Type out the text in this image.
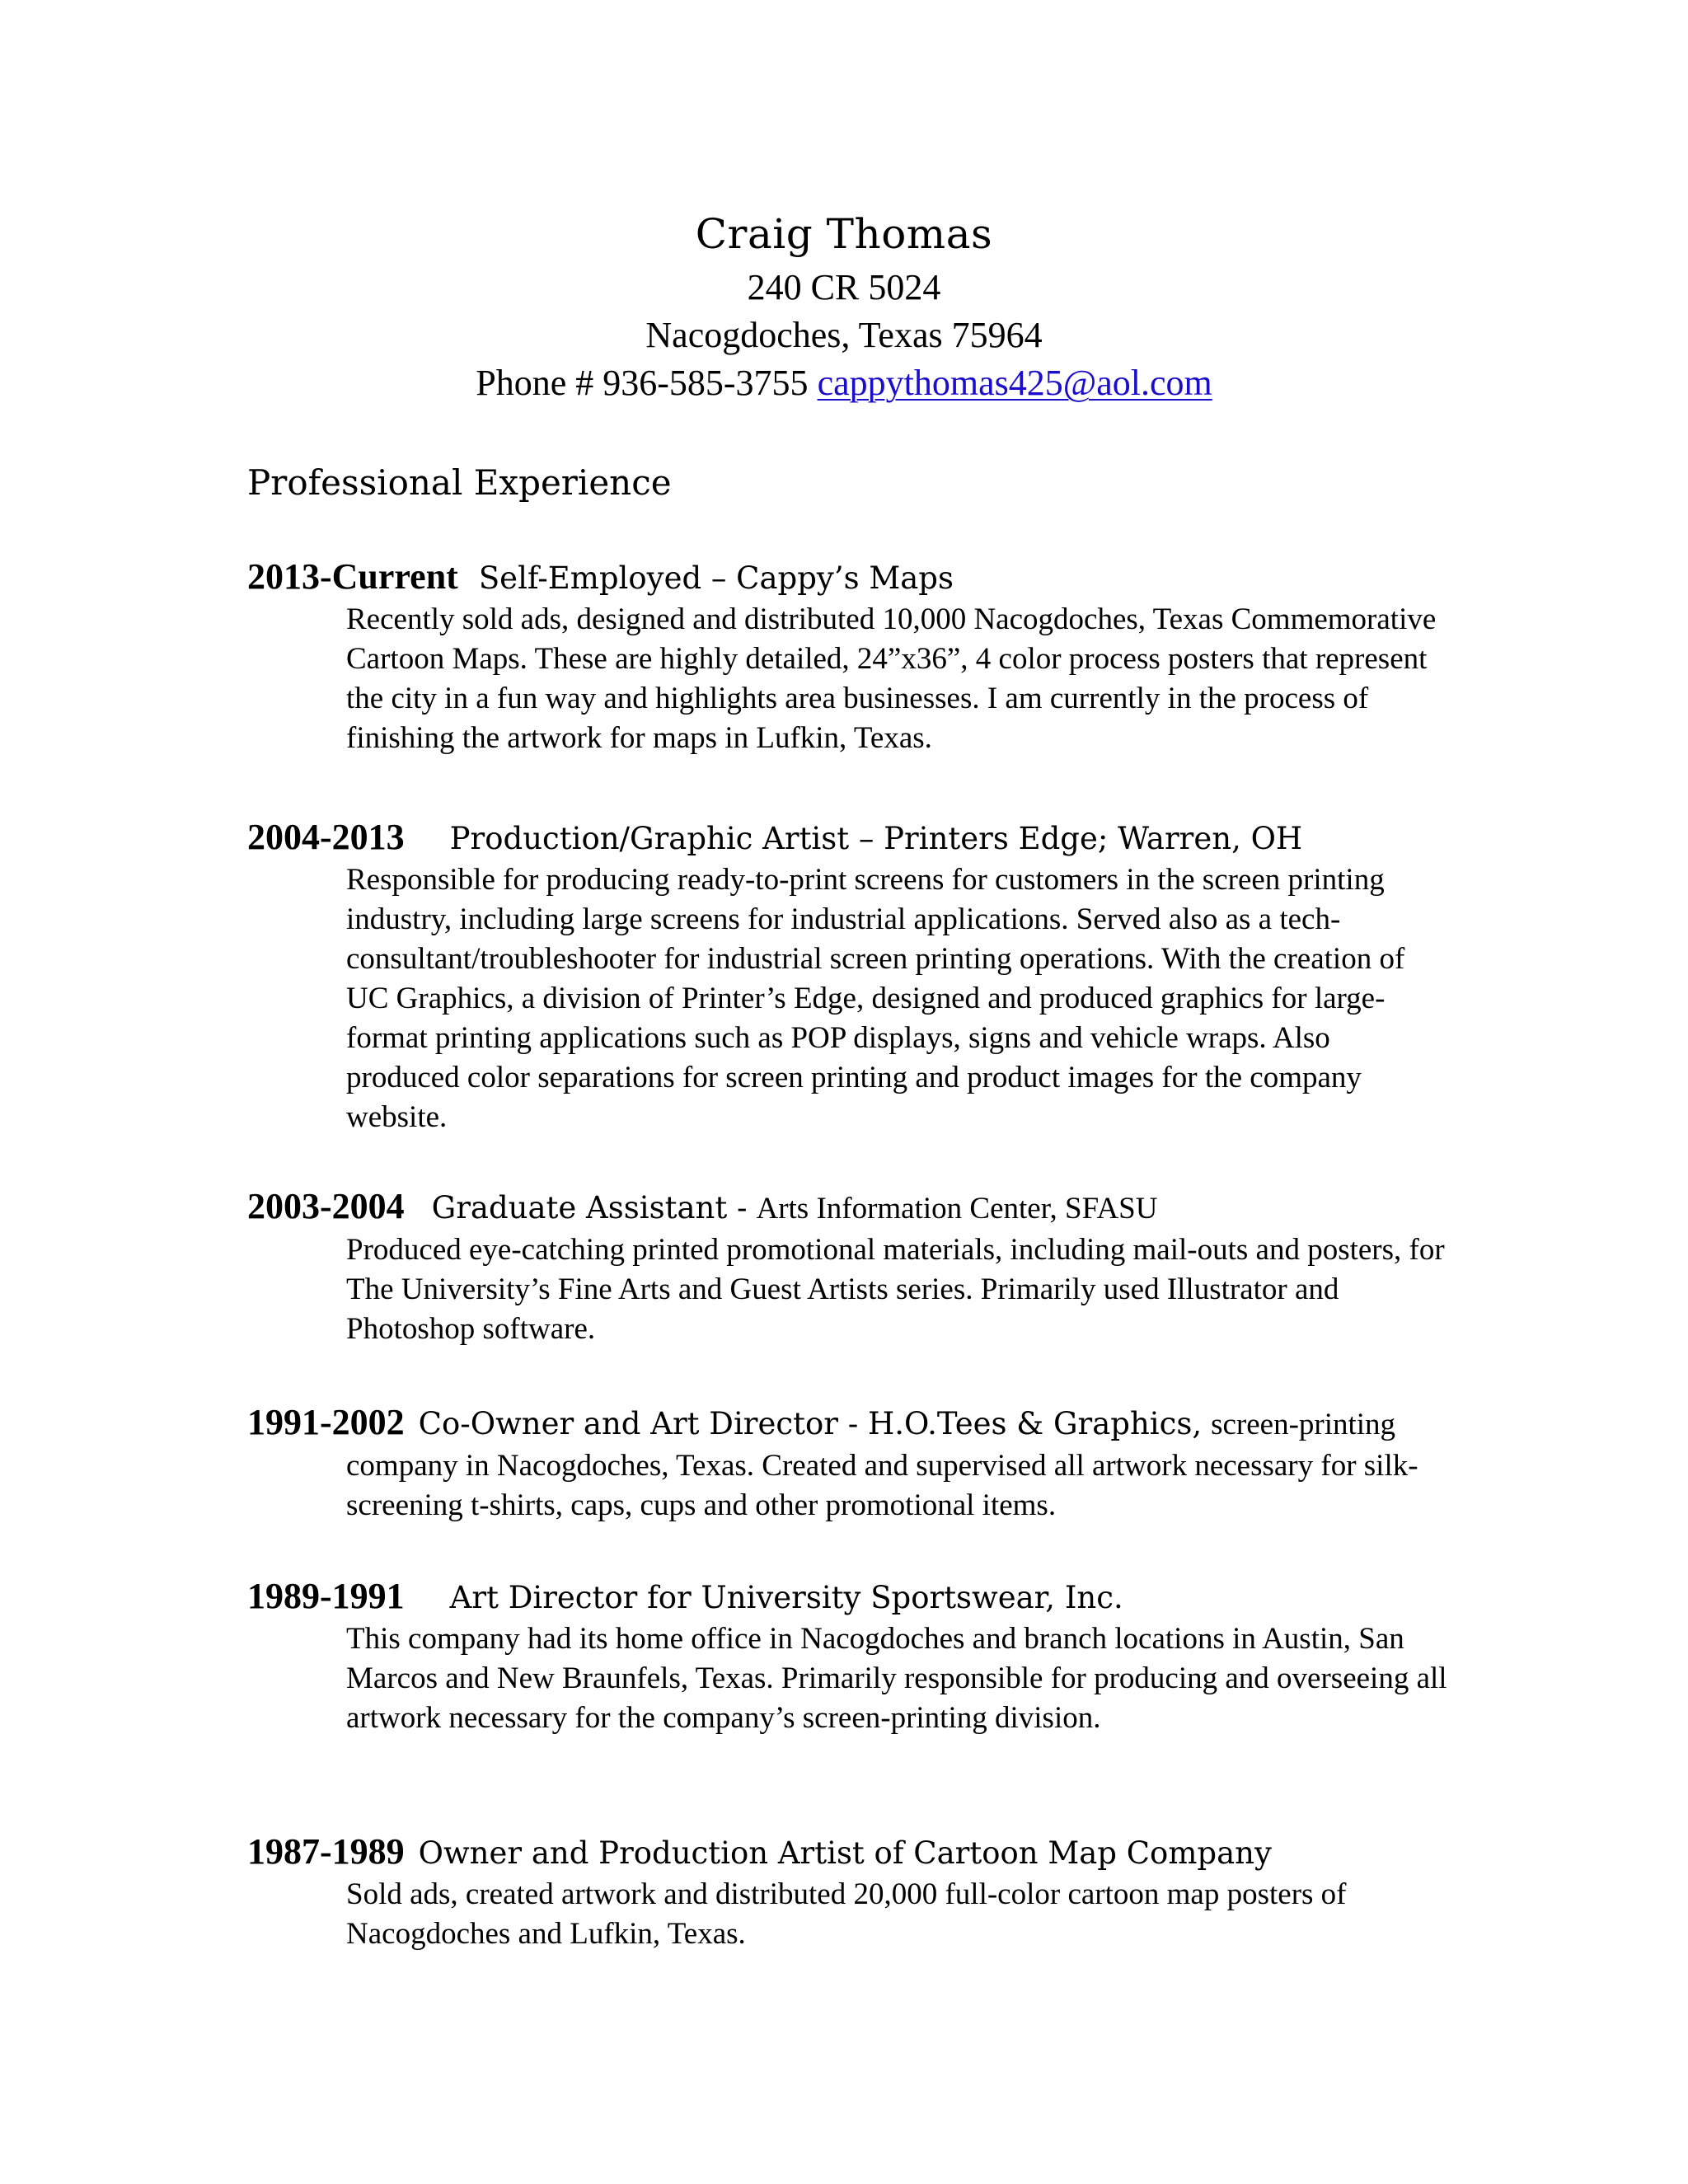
Craig Thomas
240 CR 5024
Nacogdoches, Texas 75964
Phone # 936-585-3755 cappythomas425@aol.com
Professional Experience
2013-Current Self-Employed – Cappy’s Maps
Recently sold ads, designed and distributed 10,000 Nacogdoches, Texas Commemorative Cartoon Maps. These are highly detailed, 24”x36”, 4 color process posters that represent the city in a fun way and highlights area businesses. I am currently in the process of finishing the artwork for maps in Lufkin, Texas.
2004-2013 Production/Graphic Artist – Printers Edge; Warren, OH
Responsible for producing ready-to-print screens for customers in the screen printing industry, including large screens for industrial applications. Served also as a tech-consultant/troubleshooter for industrial screen printing operations. With the creation of UC Graphics, a division of Printer’s Edge, designed and produced graphics for large-format printing applications such as POP displays, signs and vehicle wraps. Also produced color separations for screen printing and product images for the company website.
2003-2004 Graduate Assistant - Arts Information Center, SFASU
Produced eye-catching printed promotional materials, including mail-outs and posters, for The University’s Fine Arts and Guest Artists series. Primarily used Illustrator and Photoshop software.
1991-2002 Co-Owner and Art Director - H.O.Tees & Graphics, screen-printing
company in Nacogdoches, Texas. Created and supervised all artwork necessary for silk-screening t-shirts, caps, cups and other promotional items.
1989-1991 Art Director for University Sportswear, Inc.
This company had its home office in Nacogdoches and branch locations in Austin, San Marcos and New Braunfels, Texas. Primarily responsible for producing and overseeing all artwork necessary for the company’s screen-printing division.
1987-1989 Owner and Production Artist of Cartoon Map Company
Sold ads, created artwork and distributed 20,000 full-color cartoon map posters of Nacogdoches and Lufkin, Texas.
